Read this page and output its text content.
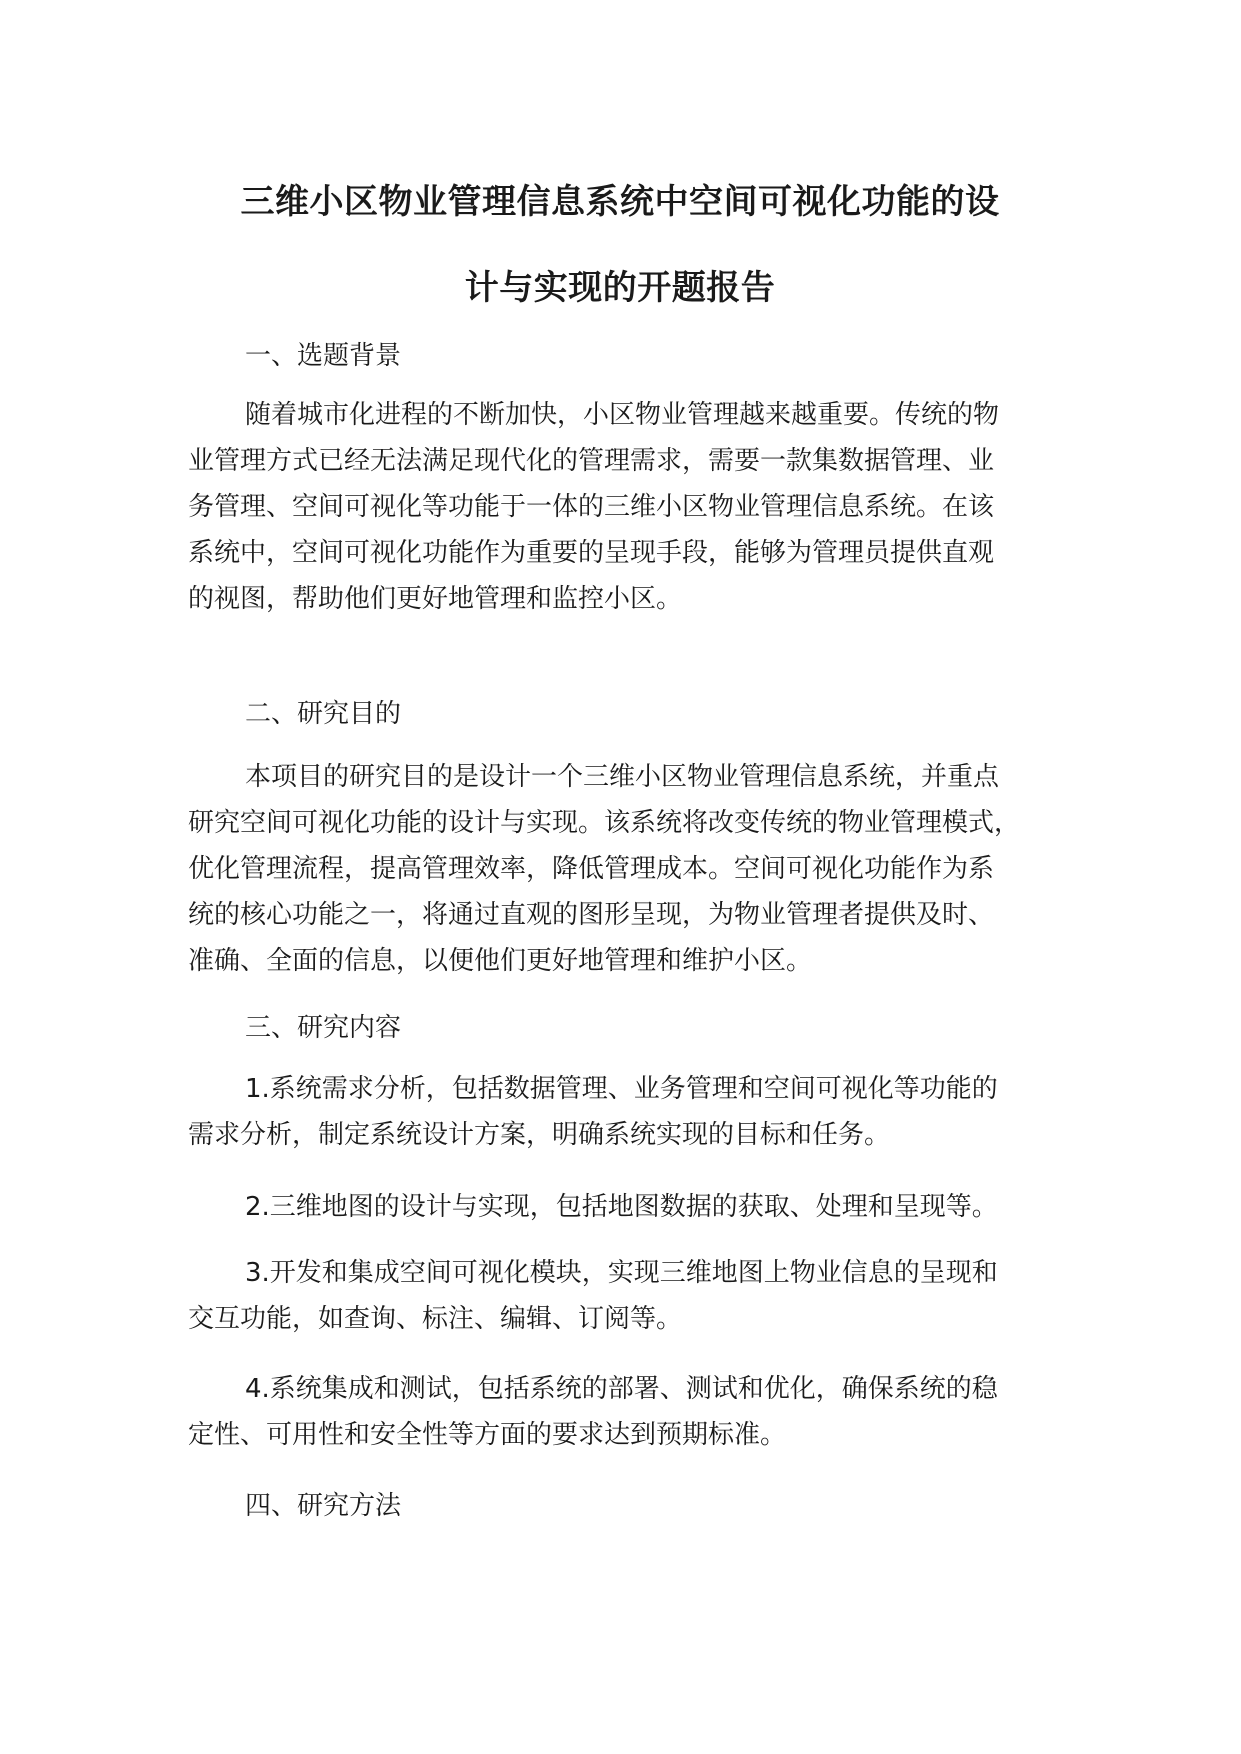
三维小区物业管理信息系统中空间可视化功能的设
计与实现的开题报告
一、选题背景
随着城市化进程的不断加快，小区物业管理越来越重要。传统的物
业管理方式已经无法满足现代化的管理需求，需要一款集数据管理、业
务管理、空间可视化等功能于一体的三维小区物业管理信息系统。在该
系统中，空间可视化功能作为重要的呈现手段，能够为管理员提供直观
的视图，帮助他们更好地管理和监控小区。
二、研究目的
本项目的研究目的是设计一个三维小区物业管理信息系统，并重点
研究空间可视化功能的设计与实现。该系统将改变传统的物业管理模式，
优化管理流程，提高管理效率，降低管理成本。空间可视化功能作为系
统的核心功能之一，将通过直观的图形呈现，为物业管理者提供及时、
准确、全面的信息，以便他们更好地管理和维护小区。
三、研究内容
1.系统需求分析，包括数据管理、业务管理和空间可视化等功能的
需求分析，制定系统设计方案，明确系统实现的目标和任务。
2.三维地图的设计与实现，包括地图数据的获取、处理和呈现等。
3.开发和集成空间可视化模块，实现三维地图上物业信息的呈现和
交互功能，如查询、标注、编辑、订阅等。
4.系统集成和测试，包括系统的部署、测试和优化，确保系统的稳
定性、可用性和安全性等方面的要求达到预期标准。
四、研究方法
